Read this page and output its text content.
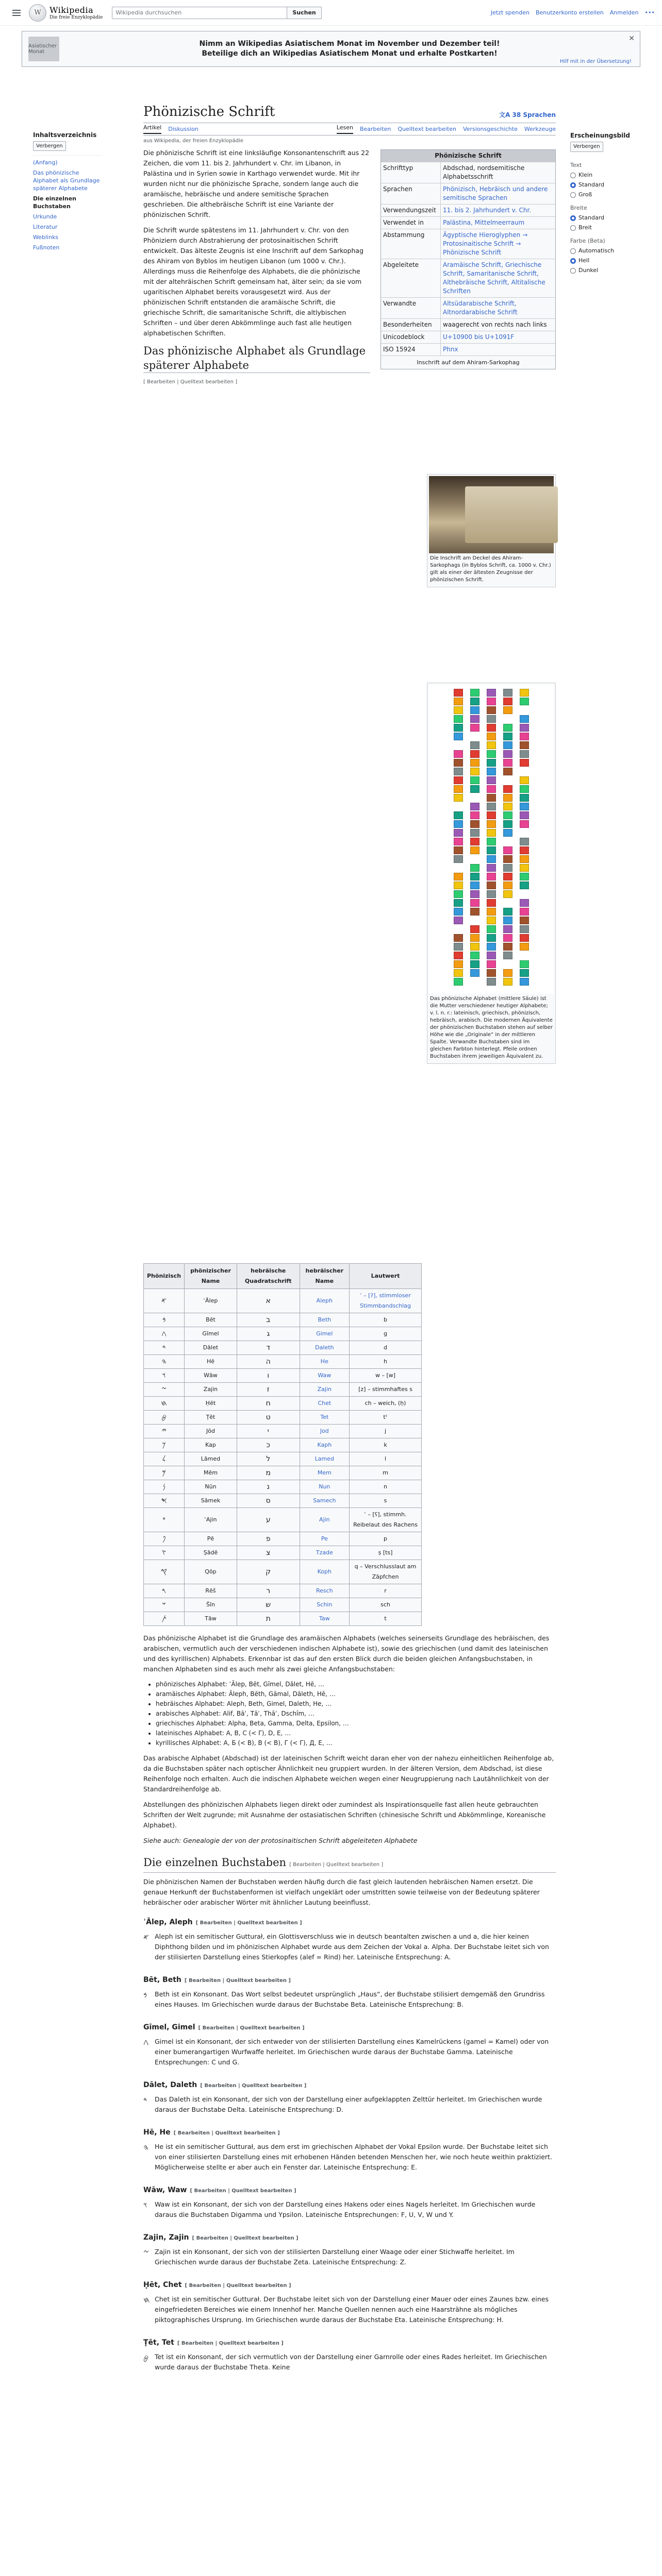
W	Wikipedia
Die freie Enzyklopädie
Wikipedia durchsuchen	Suchen	Jetzt spenden Benutzerkonto erstellen Anmelden •••
Asiatischer Monat
Nimm an Wikipedias Asiatischem Monat im November und Dezember teil!
Beteilige dich an Wikipedias Asiatischem Monat und erhalte Postkarten!
✕
Hilf mit in der Übersetzung!
Inhaltsverzeichnis
Verbergen
(Anfang)
Das phönizische Alphabet als Grundlage späterer Alphabete
Die einzelnen Buchstaben
Urkunde
Literatur
Weblinks
Fußnoten
Phönizische Schrift	文A 38 Sprachen
Artikel Diskussion	Lesen Bearbeiten Quelltext bearbeiten Versionsgeschichte Werkzeuge
aus Wikipedia, der freien Enzyklopädie

Die phönizische Schrift ist eine linksläufige Konsonantenschrift aus 22 Zeichen, die vom 11. bis 2. Jahrhundert v. Chr. im Libanon, in Palästina und in Syrien sowie in Karthago verwendet wurde. Mit ihr wurden nicht nur die phönizische Sprache, sondern lange auch die aramäische, hebräische und andere semitische Sprachen geschrieben. Die althebräische Schrift ist eine Variante der phönizischen Schrift.

Die Schrift wurde spätestens im 11. Jahrhundert v. Chr. von den Phöniziern durch Abstrahierung der protosinaitischen Schrift entwickelt. Das älteste Zeugnis ist eine Inschrift auf dem Sarkophag des Ahiram von Byblos im heutigen Libanon (um 1000 v. Chr.). Allerdings muss die Reihenfolge des Alphabets, die die phönizische mit der altehräischen Schrift gemeinsam hat, älter sein; da sie vom ugaritischen Alphabet bereits vorausgesetzt wird. Aus der phönizischen Schrift entstanden die aramäische Schrift, die griechische Schrift, die samaritanische Schrift, die altlybischen Schriften – und über deren Abkömmlinge auch fast alle heutigen alphabetischen Schriften.

Das phönizische Alphabet als Grundlage späterer Alphabete
[ Bearbeiten | Quelltext bearbeiten ]
Phönizische Schrift
Schrifttyp	Abdschad, nordsemitische Alphabetsschrift
Sprachen	Phönizisch, Hebräisch und andere semitische Sprachen
Verwendungszeit	11. bis 2. Jahrhundert v. Chr.
Verwendet in	Palästina, Mittelmeerraum
Abstammung	Ägyptische Hieroglyphen → Protosinaitische Schrift → Phönizische Schrift
Abgeleitete	Aramäische Schrift, Griechische Schrift, Samaritanische Schrift, Althebräische Schrift, Altitalische Schriften
Verwandte	Altsüdarabische Schrift, Altnordarabische Schrift
Besonderheiten	waagerecht von rechts nach links
Unicodeblock	U+10900 bis U+1091F
ISO 15924	Phnx
Inschrift auf dem Ahiram-Sarkophag
Die Inschrift am Deckel des Ahiram-Sarkophags (in Byblos Schrift, ca. 1000 v. Chr.) gilt als einer der ältesten Zeugnisse der phönizischen Schrift.
Das phönizische Alphabet (mittlere Säule) ist die Mutter verschiedener heutiger Alphabete; v. l. n. r.: lateinisch, griechisch, phönizisch, hebräisch, arabisch. Die modernen Äquivalente der phönizischen Buchstaben stehen auf selber Höhe wie die „Originale“ in der mittleren Spalte. Verwandte Buchstaben sind im gleichen Farbton hinterlegt. Pfeile ordnen Buchstaben ihrem jeweiligen Äquivalent zu.
Phönizisch	phönizischer Name	hebräische Quadratschrift	hebräischer Name	Lautwert
𐤀	ʾĀlep	א	Aleph	ʾ – [ʔ], stimmloser Stimmbandschlag
𐤁	Bēt	ב	Beth	b
𐤂	Gīmel	ג	Gimel	g
𐤃	Dālet	ד	Daleth	d
𐤄	Hē	ה	He	h
𐤅	Wāw	ו	Waw	w – [w]
𐤆	Zajin	ז	Zajin	[z] – stimmhaftes s
𐤇	Ḥēt	ח	Chet	ch – weich, (ḥ)
𐤈	Ṭēt	ט	Tet	tˤ
𐤉	Jōd	י	Jod	j
𐤊	Kap	כ	Kaph	k
𐤋	Lāmed	ל	Lamed	l
𐤌	Mēm	מ	Mem	m
𐤍	Nūn	נ	Nun	n
𐤎	Sāmek	ס	Samech	s
𐤏	ʿAjin	ע	Ajin	ʿ – [ʕ], stimmh. Reibelaut des Rachens
𐤐	Pē	פ	Pe	p
𐤑	Ṣādē	צ	Tzade	ṣ [ts]
𐤒	Qōp	ק	Koph	q – Verschlusslaut am Zäpfchen
𐤓	Rēš	ר	Resch	r
𐤔	Šīn	ש	Schin	sch
𐤕	Tāw	ת	Taw	t

Das phönizische Alphabet ist die Grundlage des aramäischen Alphabets (welches seinerseits Grundlage des hebräischen, des arabischen, vermutlich auch der verschiedenen indischen Alphabete ist), sowie des griechischen (und damit des lateinischen und des kyrillischen) Alphabets. Erkennbar ist das auf den ersten Blick durch die beiden gleichen Anfangsbuchstaben, in manchen Alphabeten sind es auch mehr als zwei gleiche Anfangsbuchstaben:

• phönizisches Alphabet: ʾĀlep, Bēt, Gīmel, Dālet, Hē, …
• aramäisches Alphabet: Āleph, Bēth, Gāmal, Dāleth, Hē, …
• hebräisches Alphabet: Aleph, Beth, Gimel, Daleth, He, …
• arabisches Alphabet: Alif, Bāʾ, Tāʾ, Thāʾ, Dschīm, …
• griechisches Alphabet: Alpha, Beta, Gamma, Delta, Epsilon, …
• lateinisches Alphabet: A, B, C (< Γ), D, E, …
• kyrillisches Alphabet: А, Б (< Β), В (< Β), Г (< Γ), Д, Е, …

Das arabische Alphabet (Abdschad) ist der lateinischen Schrift weicht daran eher von der nahezu einheitlichen Reihenfolge ab, da die Buchstaben später nach optischer Ähnlichkeit neu gruppiert wurden. In der älteren Version, dem Abdschad, ist diese Reihenfolge noch erhalten. Auch die indischen Alphabete weichen wegen einer Neugruppierung nach Lautähnlichkeit von der Standardreihenfolge ab.

Abstellungen des phönizischen Alphabets liegen direkt oder zumindest als Inspirationsquelle fast allen heute gebrauchten Schriften der Welt zugrunde; mit Ausnahme der ostasiatischen Schriften (chinesische Schrift und Abkömmlinge, Koreanische Alphabet).

Siehe auch: Genealogie der von der protosinaitischen Schrift abgeleiteten Alphabete

Die einzelnen Buchstaben [ Bearbeiten | Quelltext bearbeiten ]

Die phönizischen Namen der Buchstaben werden häufig durch die fast gleich lautenden hebräischen Namen ersetzt. Die genaue Herkunft der Buchstabenformen ist vielfach ungeklärt oder umstritten sowie teilweise von der Bedeutung späterer hebräischer oder arabischer Wörter mit ähnlicher Lautung beeinflusst.

ʾĀlep, Aleph [ Bearbeiten | Quelltext bearbeiten ]
𐤀 Aleph ist ein semitischer Gutturał, ein Glottisverschluss wie in deutsch beantalten zwischen a und a, die hier keinen Diphthong bilden und im phönizischen Alphabet wurde aus dem Zeichen der Vokal a. Alpha. Der Buchstabe leitet sich von der stilisierten Darstellung eines Stierkopfes (alef = Rind) her. Lateinische Entsprechung: A.

Bēt, Beth [ Bearbeiten | Quelltext bearbeiten ]
𐤁	Beth ist ein Konsonant. Das Wort selbst bedeutet ursprünglich „Haus“, der Buchstabe stilisiert demgemäß den Grundriss eines Hauses. Im Griechischen wurde daraus der Buchstabe Beta. Lateinische Entsprechung: B.

Gīmel, Gimel [ Bearbeiten | Quelltext bearbeiten ]
𐤂 Gimel ist ein Konsonant, der sich entweder von der stilisierten Darstellung eines Kamelrückens (gamel = Kamel) oder von einer bumerangartigen Wurfwaffe herleitet. Im Griechischen wurde daraus der Buchstabe Gamma. Lateinische Entsprechungen: C und G.

Dālet, Daleth [ Bearbeiten | Quelltext bearbeiten ]
𐤃	Das Daleth ist ein Konsonant, der sich von der Darstellung einer aufgeklappten Zelttür herleitet. Im Griechischen wurde daraus der Buchstabe Delta. Lateinische Entsprechung: D.

Hē, He [ Bearbeiten | Quelltext bearbeiten ]
𐤄 He ist ein semitischer Gutturał, aus dem erst im griechischen Alphabet der Vokal Epsilon wurde. Der Buchstabe leitet sich von einer stilisierten Darstellung eines mit erhobenen Händen betenden Menschen her, wie noch heute weithin praktiziert. Möglicherweise stellte er aber auch ein Fenster dar. Lateinische Entsprechung: E.

Wāw, Waw [ Bearbeiten | Quelltext bearbeiten ]
𐤅	Waw ist ein Konsonant, der sich von der Darstellung eines Hakens oder eines Nagels herleitet. Im Griechischen wurde daraus die Buchstaben Digamma und Ypsilon. Lateinische Entsprechungen: F, U, V, W und Y.

Zajin, Zajin [ Bearbeiten | Quelltext bearbeiten ]
𐤆 Zajin ist ein Konsonant, der sich von der stilisierten Darstellung einer Waage oder einer Stichwaffe herleitet. Im Griechischen wurde daraus der Buchstabe Zeta. Lateinische Entsprechung: Z.

Ḥēt, Chet [ Bearbeiten | Quelltext bearbeiten ]
𐤇 Chet ist ein semitischer Gutturał. Der Buchstabe leitet sich von der Darstellung einer Mauer oder eines Zaunes bzw. eines eingefriedeten Bereiches wie einem Innenhof her. Manche Quellen nennen auch eine Haarsträhne als mögliches piktographisches Ursprung. Im Griechischen wurde daraus der Buchstabe Eta. Lateinische Entsprechung: H.

Ṭēt, Tet [ Bearbeiten | Quelltext bearbeiten ]
𐤈 Tet ist ein Konsonant, der sich vermutlich von der Darstellung einer Garnrolle oder eines Rades herleitet. Im Griechischen wurde daraus der Buchstabe Theta. Keine

Erscheinungsbild
Verbergen
Text
Klein
Standard
Groß
Breite
Standard
Breit
Farbe (Beta)
Automatisch
Hell
Dunkel
